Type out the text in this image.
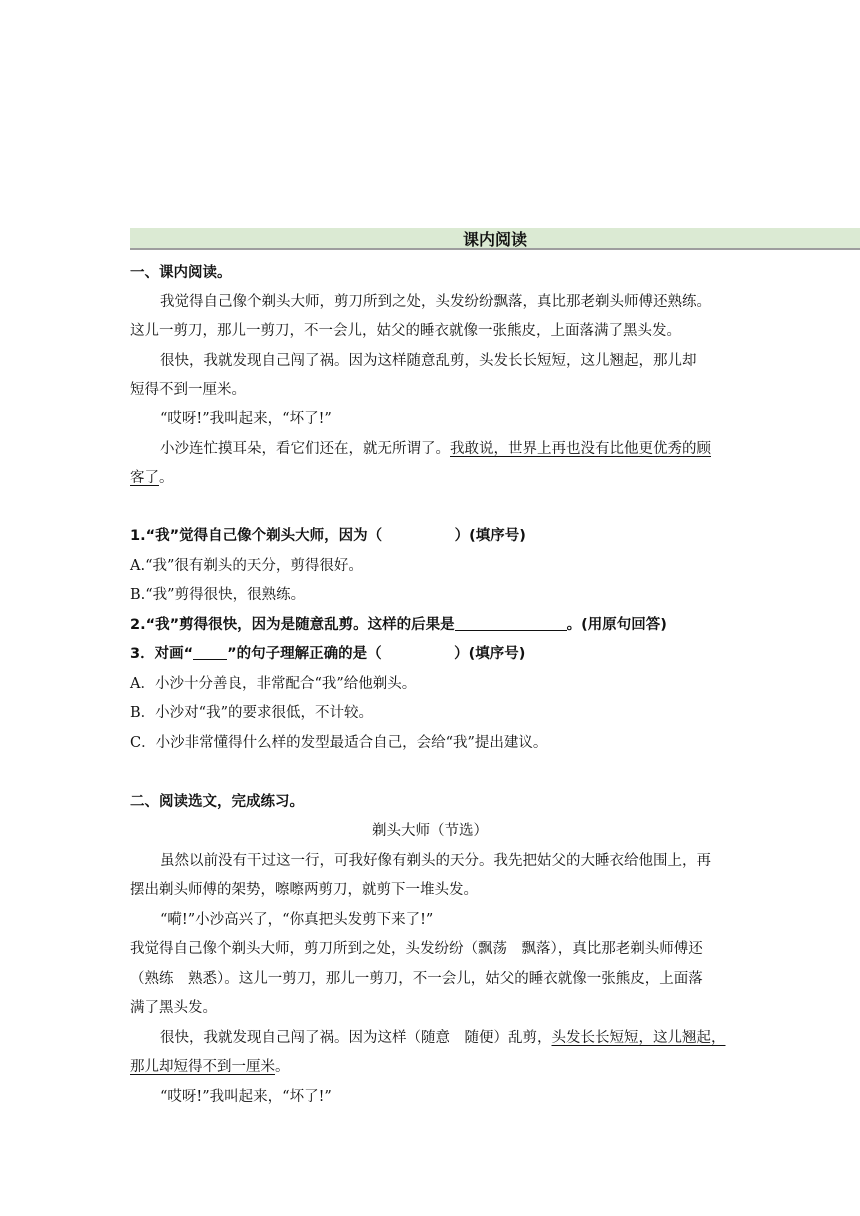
课内阅读
一、课内阅读。
我觉得自己像个剃头大师，剪刀所到之处，头发纷纷飘落，真比那老剃头师傅还熟练。
这儿一剪刀，那儿一剪刀，不一会儿，姑父的睡衣就像一张熊皮，上面落满了黑头发。
很快，我就发现自己闯了祸。因为这样随意乱剪，头发长长短短，这儿翘起，那儿却
短得不到一厘米。
“哎呀!”我叫起来，“坏了!”
小沙连忙摸耳朵，看它们还在，就无所谓了。我敢说，世界上再也没有比他更优秀的顾
客了。
1.“我”觉得自己像个剃头大师，因为（　　　　　）(填序号)
A.“我”很有剃头的天分，剪得很好。
B.“我”剪得很快，很熟练。
2.“我”剪得很快，因为是随意乱剪。这样的后果是	。(用原句回答)
3．对画“ ”的句子理解正确的是（　　　　　）(填序号)
A．小沙十分善良，非常配合“我”给他剃头。
B．小沙对“我”的要求很低，不计较。
C．小沙非常懂得什么样的发型最适合自己，会给“我”提出建议。
二、阅读选文，完成练习。
剃头大师（节选）
虽然以前没有干过这一行，可我好像有剃头的天分。我先把姑父的大睡衣给他围上，再
摆出剃头师傅的架势，嚓嚓两剪刀，就剪下一堆头发。
“嗬!”小沙高兴了，“你真把头发剪下来了!”
我觉得自己像个剃头大师，剪刀所到之处，头发纷纷（飘荡　飘落），真比那老剃头师傅还
（熟练　熟悉）。这儿一剪刀，那儿一剪刀，不一会儿，姑父的睡衣就像一张熊皮，上面落
满了黑头发。
很快，我就发现自己闯了祸。因为这样（随意　随便）乱剪，头发长长短短，这儿翘起，
那儿却短得不到一厘米。
“哎呀!”我叫起来，“坏了!”
